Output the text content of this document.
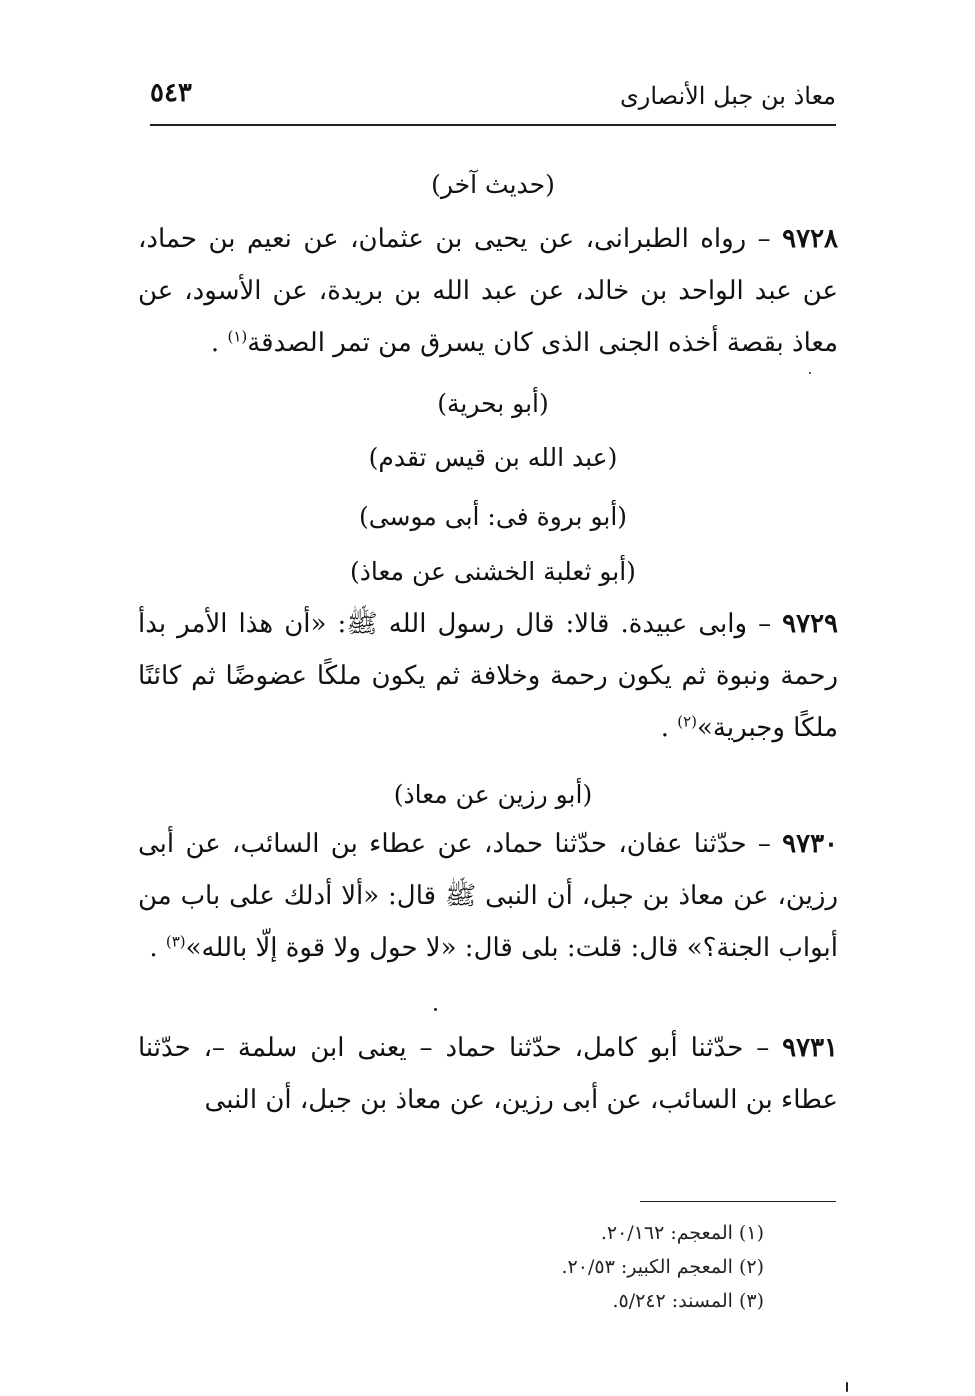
معاذ بن جبل الأنصارى
٥٤٣
(حديث آخر)
٩٧٢٨ – رواه الطبرانى، عن يحيى بن عثمان، عن نعيم بن حماد، عن عبد الواحد بن خالد، عن عبد الله بن بريدة، عن الأسود، عن معاذ بقصة أخذه الجنى الذى كان يسرق من تمر الصدقة$^{(١)}$ .
(أبو بحرية)
(عبد الله بن قيس تقدم)
(أبو بروة فى: أبى موسى)
(أبو ثعلبة الخشنى عن معاذ)
٩٧٢٩ – وابى عبيدة. قالا: قال رسول الله ﷺ: «أن هذا الأمر بدأ رحمة ونبوة ثم يكون رحمة وخلافة ثم يكون ملكًا عضوضًا ثم كائنًا ملكًا وجبرية»$^{(٢)}$ .
(أبو رزين عن معاذ)
٩٧٣٠ – حدّثنا عفان، حدّثنا حماد، عن عطاء بن السائب، عن أبى رزين، عن معاذ بن جبل، أن النبى ﷺ قال: «ألا أدلك على باب من أبواب الجنة؟» قال: قلت: بلى قال: «لا حول ولا قوة إلّا بالله»$^{(٣)}$ .
٩٧٣١ – حدّثنا أبو كامل، حدّثنا حماد – يعنى ابن سلمة –، حدّثنا عطاء بن السائب، عن أبى رزين، عن معاذ بن جبل، أن النبى
(١) المعجم: ٢٠/١٦٢.
(٢) المعجم الكبير: ٢٠/٥٣.
(٣) المسند: ٥/٢٤٢.
